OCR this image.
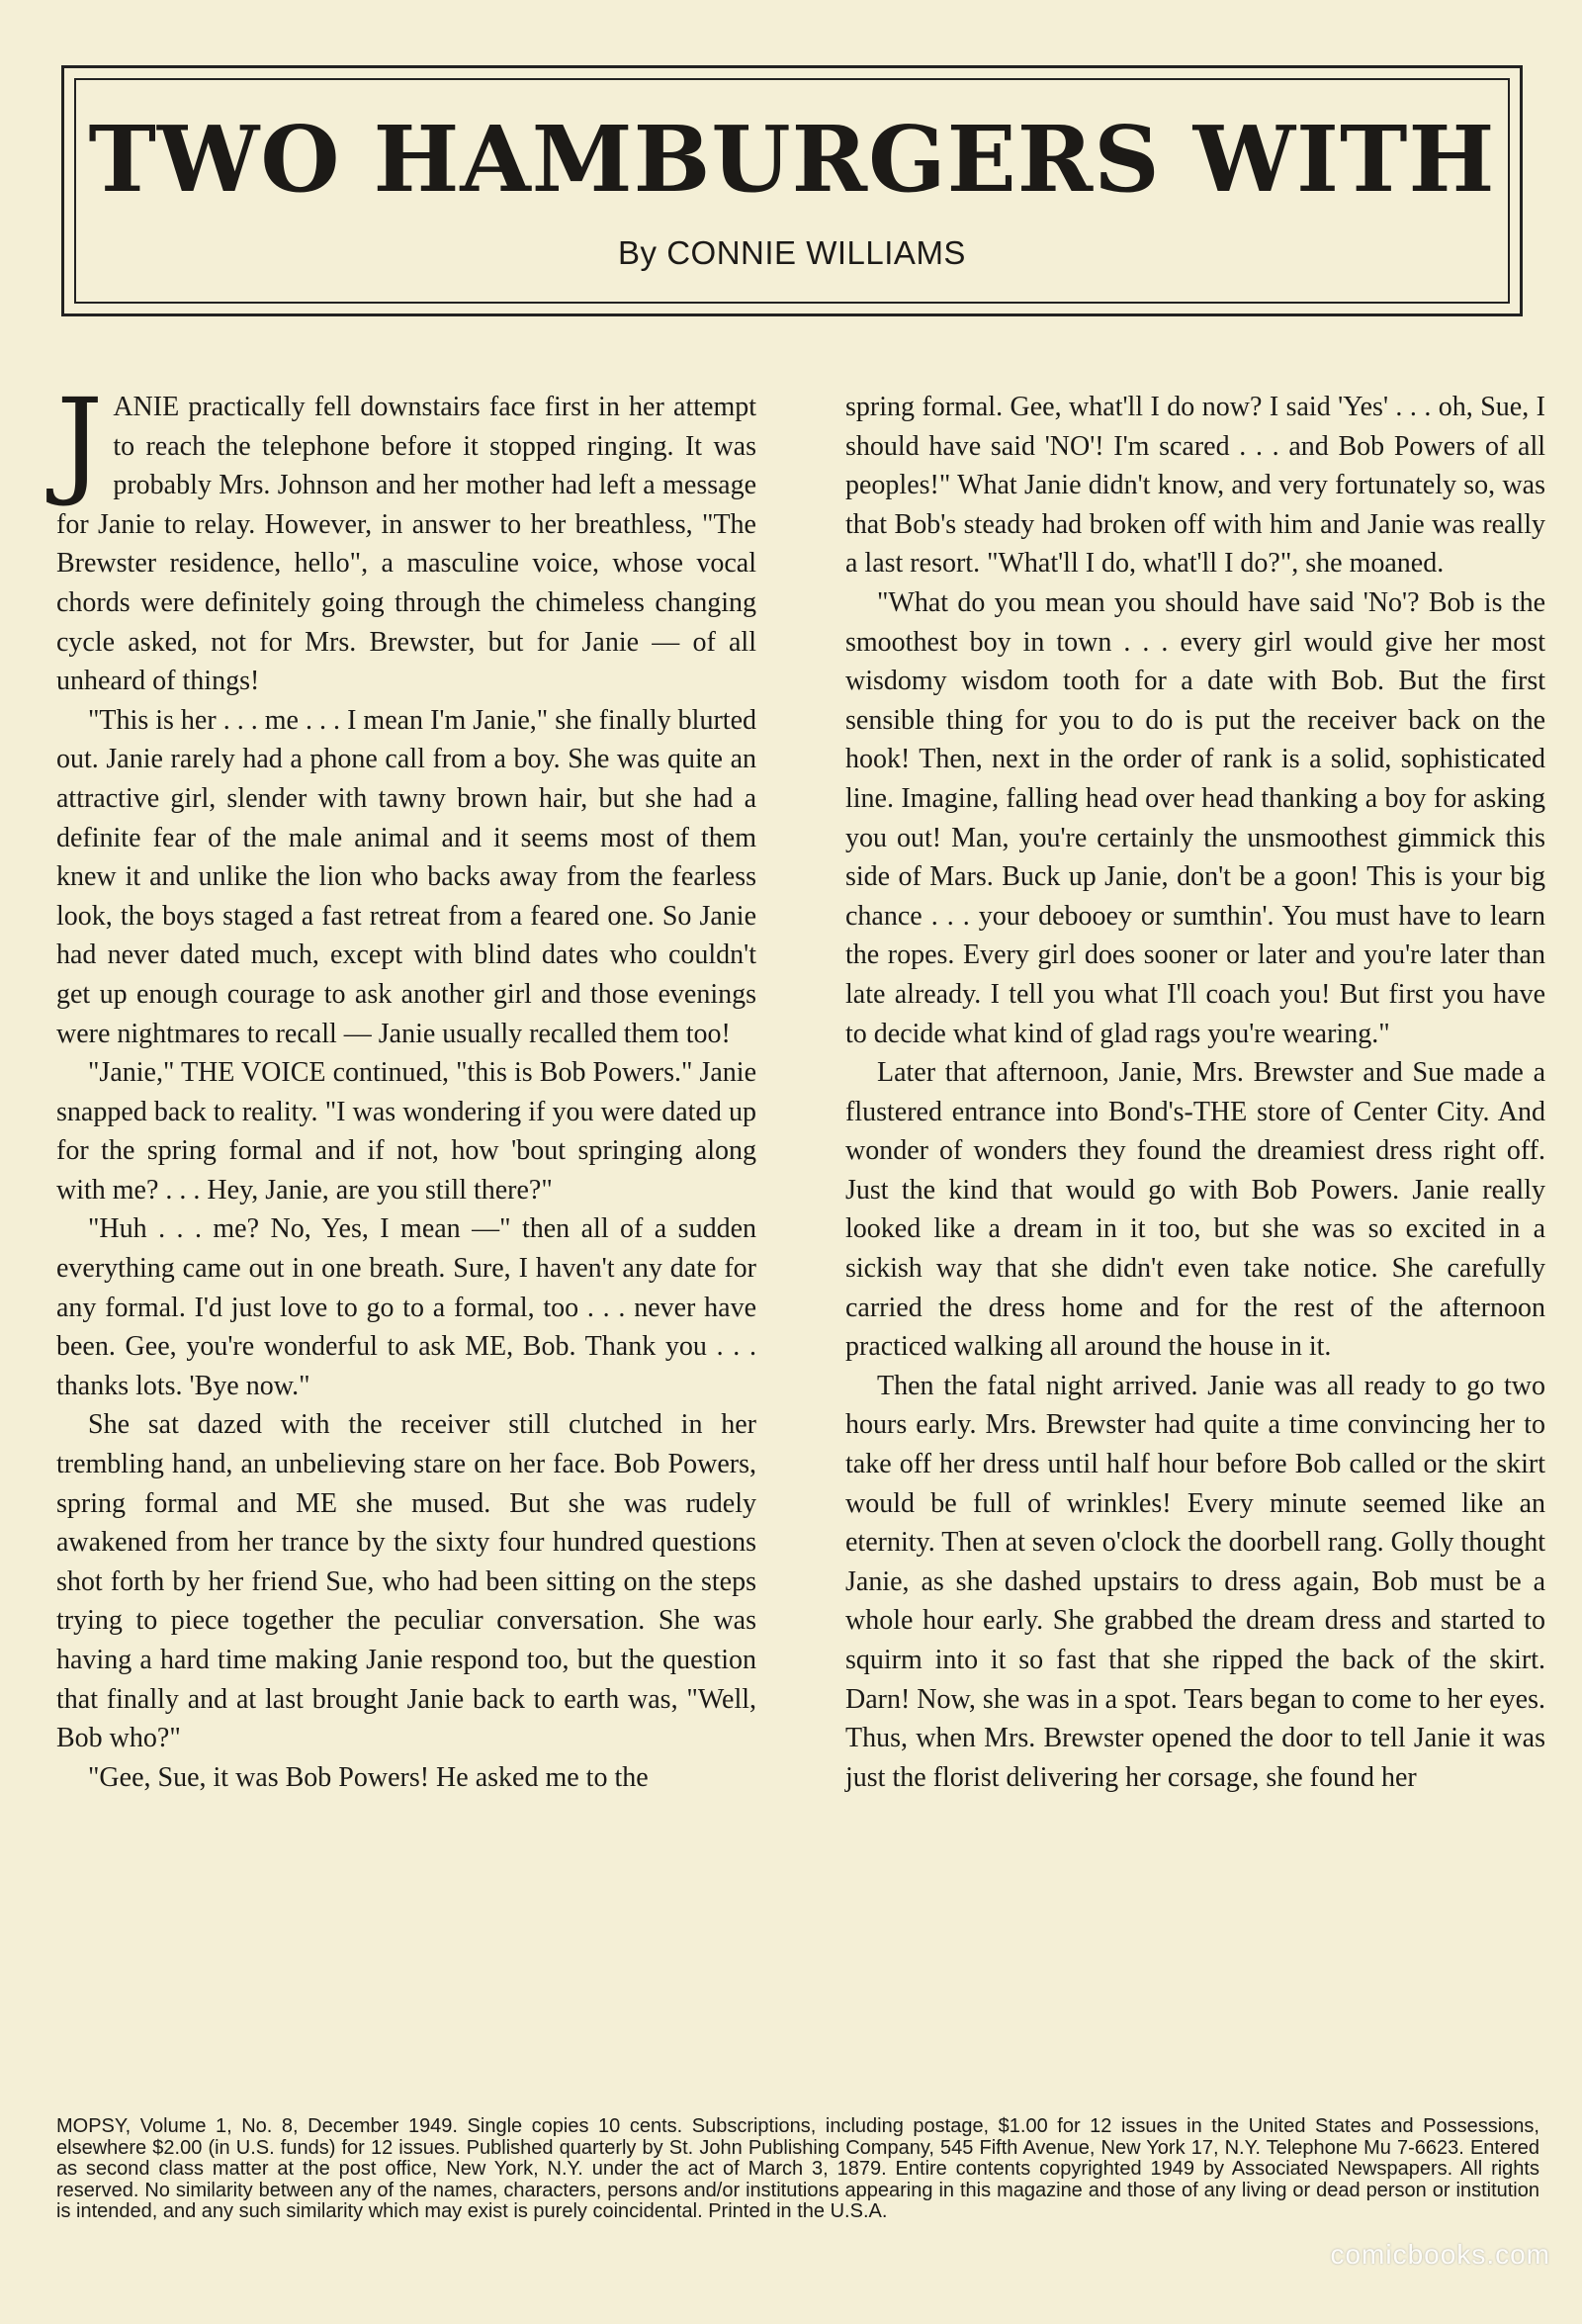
TWO HAMBURGERS WITH

By CONNIE WILLIAMS

JANIE practically fell downstairs face first in her attempt to reach the telephone before it stopped ringing. It was probably Mrs. Johnson and her mother had left a message for Janie to relay. However, in answer to her breathless, "The Brewster residence, hello", a masculine voice, whose vocal chords were definitely going through the chimeless changing cycle asked, not for Mrs. Brewster, but for Janie — of all unheard of things!

"This is her . . . me . . . I mean I'm Janie," she finally blurted out. Janie rarely had a phone call from a boy. She was quite an attractive girl, slender with tawny brown hair, but she had a definite fear of the male animal and it seems most of them knew it and unlike the lion who backs away from the fearless look, the boys staged a fast retreat from a feared one. So Janie had never dated much, except with blind dates who couldn't get up enough courage to ask another girl and those evenings were nightmares to recall — Janie usually recalled them too!

"Janie," THE VOICE continued, "this is Bob Powers." Janie snapped back to reality. "I was wondering if you were dated up for the spring formal and if not, how 'bout springing along with me? . . . Hey, Janie, are you still there?"

"Huh . . . me? No, Yes, I mean —" then all of a sudden everything came out in one breath. Sure, I haven't any date for any formal. I'd just love to go to a formal, too . . . never have been. Gee, you're wonderful to ask ME, Bob. Thank you . . . thanks lots. 'Bye now."

She sat dazed with the receiver still clutched in her trembling hand, an unbelieving stare on her face. Bob Powers, spring formal and ME she mused. But she was rudely awakened from her trance by the sixty four hundred questions shot forth by her friend Sue, who had been sitting on the steps trying to piece together the peculiar conversation. She was having a hard time making Janie respond too, but the question that finally and at last brought Janie back to earth was, "Well, Bob who?"

"Gee, Sue, it was Bob Powers! He asked me to the

spring formal. Gee, what'll I do now? I said 'Yes' . . . oh, Sue, I should have said 'NO'! I'm scared . . . and Bob Powers of all peoples!" What Janie didn't know, and very fortunately so, was that Bob's steady had broken off with him and Janie was really a last resort. "What'll I do, what'll I do?", she moaned.

"What do you mean you should have said 'No'? Bob is the smoothest boy in town . . . every girl would give her most wisdomy wisdom tooth for a date with Bob. But the first sensible thing for you to do is put the receiver back on the hook! Then, next in the order of rank is a solid, sophisticated line. Imagine, falling head over head thanking a boy for asking you out! Man, you're certainly the unsmoothest gimmick this side of Mars. Buck up Janie, don't be a goon! This is your big chance . . . your debooey or sumthin'. You must have to learn the ropes. Every girl does sooner or later and you're later than late already. I tell you what I'll coach you! But first you have to decide what kind of glad rags you're wearing."

Later that afternoon, Janie, Mrs. Brewster and Sue made a flustered entrance into Bond's-THE store of Center City. And wonder of wonders they found the dreamiest dress right off. Just the kind that would go with Bob Powers. Janie really looked like a dream in it too, but she was so excited in a sickish way that she didn't even take notice. She carefully carried the dress home and for the rest of the afternoon practiced walking all around the house in it.

Then the fatal night arrived. Janie was all ready to go two hours early. Mrs. Brewster had quite a time convincing her to take off her dress until half hour before Bob called or the skirt would be full of wrinkles! Every minute seemed like an eternity. Then at seven o'clock the doorbell rang. Golly thought Janie, as she dashed upstairs to dress again, Bob must be a whole hour early. She grabbed the dream dress and started to squirm into it so fast that she ripped the back of the skirt. Darn! Now, she was in a spot. Tears began to come to her eyes. Thus, when Mrs. Brewster opened the door to tell Janie it was just the florist delivering her corsage, she found her

MOPSY, Volume 1, No. 8, December 1949. Single copies 10 cents. Subscriptions, including postage, $1.00 for 12 issues in the United States and Possessions, elsewhere $2.00 (in U.S. funds) for 12 issues. Published quarterly by St. John Publishing Company, 545 Fifth Avenue, New York 17, N.Y. Telephone Mu 7-6623. Entered as second class matter at the post office, New York, N.Y. under the act of March 3, 1879. Entire contents copyrighted 1949 by Associated Newspapers. All rights reserved. No similarity between any of the names, characters, persons and/or institutions appearing in this magazine and those of any living or dead person or institution is intended, and any such similarity which may exist is purely coincidental. Printed in the U.S.A.

comicbooks.com
